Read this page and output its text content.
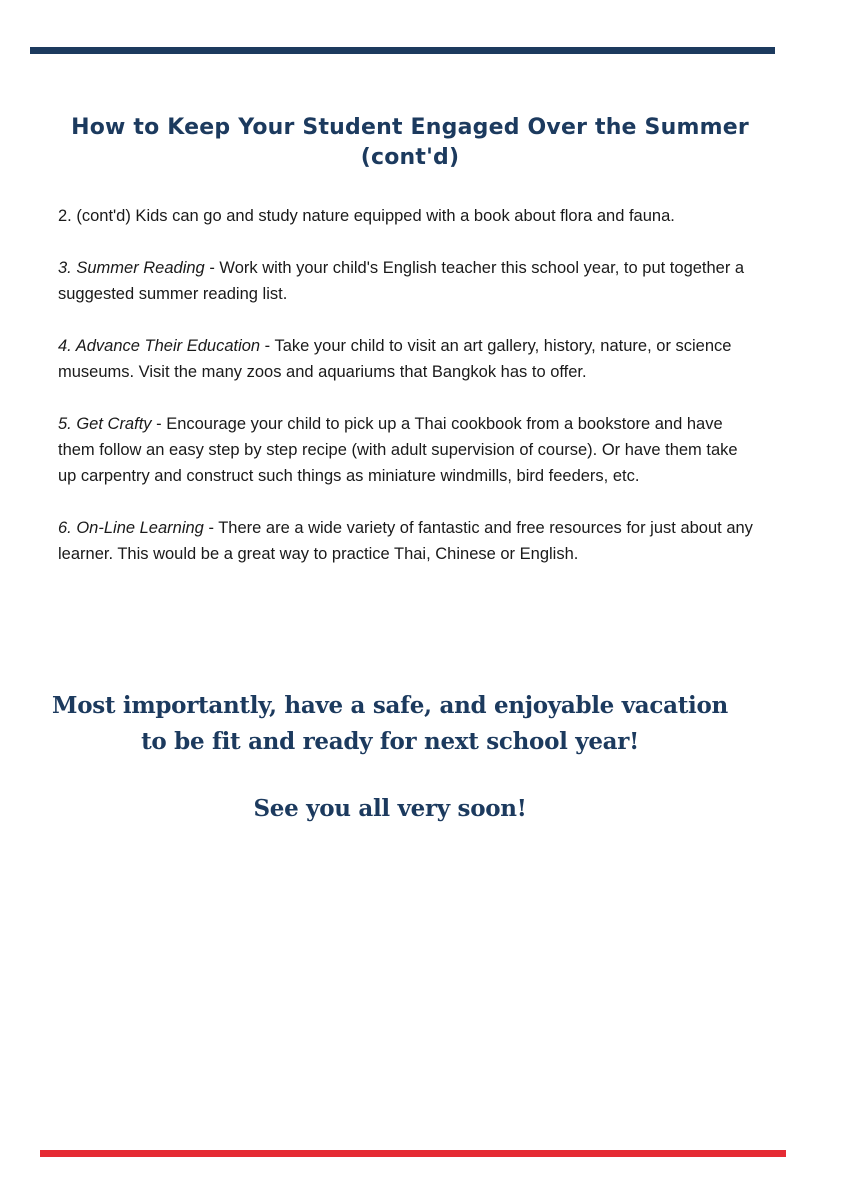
How to Keep Your Student Engaged Over the Summer
(cont'd)

2. (cont'd) Kids can go and study nature equipped with a book about flora and fauna.

3. Summer Reading - Work with your child's English teacher this school year, to put together a suggested summer reading list.

4. Advance Their Education - Take your child to visit an art gallery, history, nature, or science museums. Visit the many zoos and aquariums that Bangkok has to offer.

5. Get Crafty - Encourage your child to pick up a Thai cookbook from a bookstore and have them follow an easy step by step recipe (with adult supervision of course). Or have them take up carpentry and construct such things as miniature windmills, bird feeders, etc.

6. On-Line Learning - There are a wide variety of fantastic and free resources for just about any learner. This would be a great way to practice Thai, Chinese or English.

Most importantly, have a safe, and enjoyable vacation
to be fit and ready for next school year!
See you all very soon!
